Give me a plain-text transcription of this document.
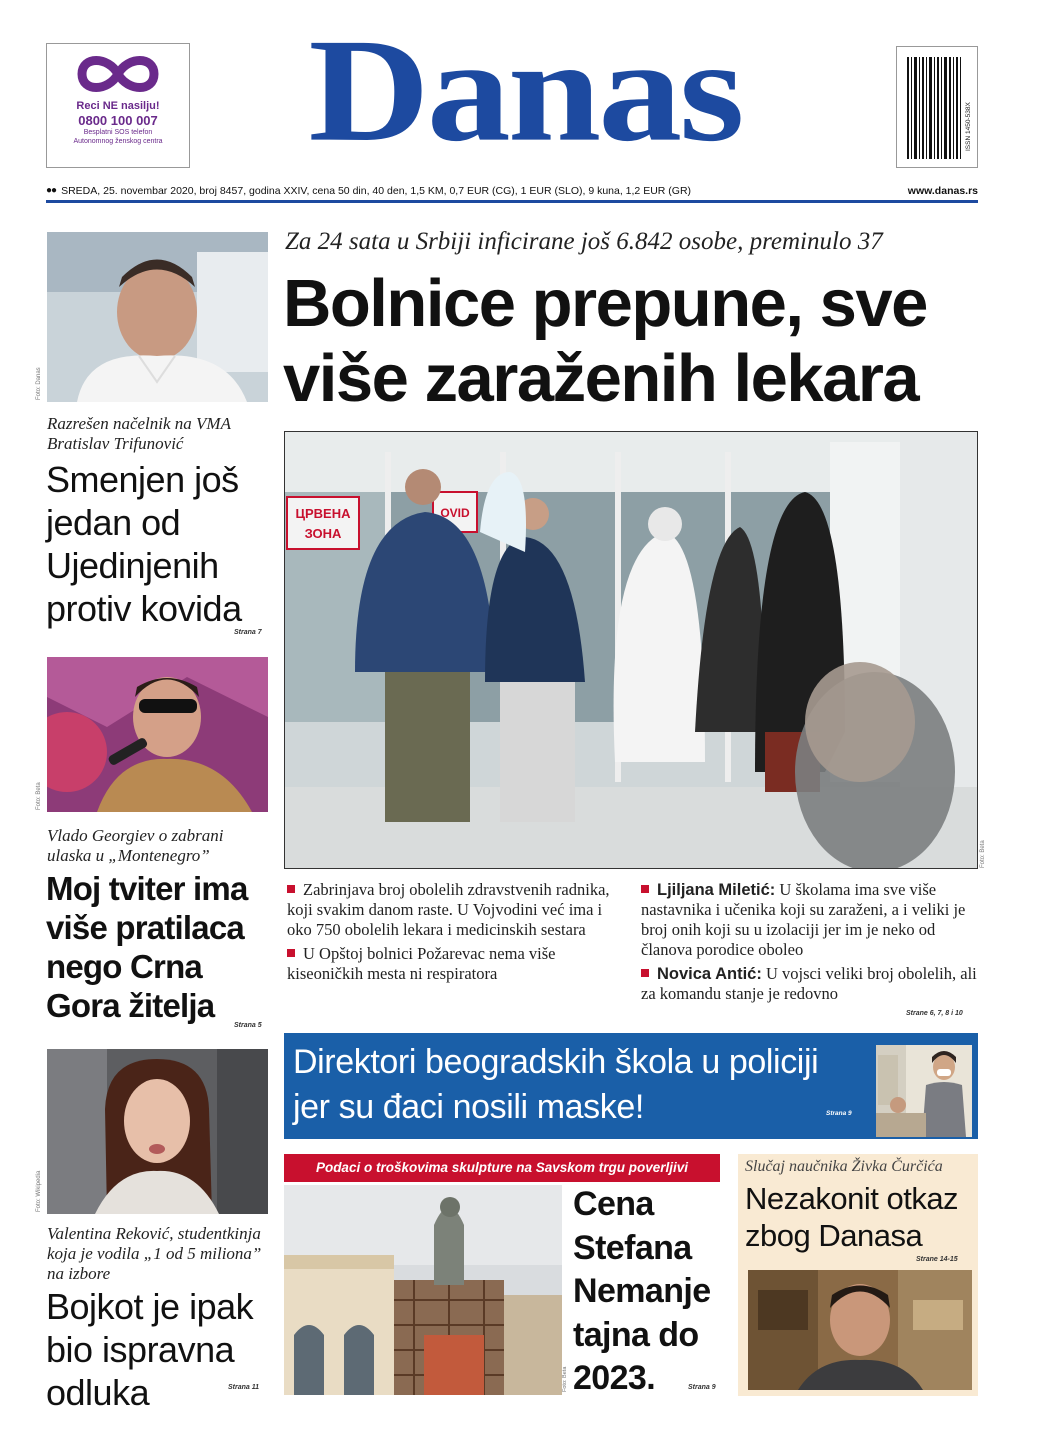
Reci NE nasilju!
0800 100 007
Besplatni SOS telefon
Autonomnog ženskog centra Danas	ISSN 1450-538X
●● SREDA, 25. novembar 2020, broj 8457, godina XXIV, cena 50 din, 40 den, 1,5 KM, 0,7 EUR (CG), 1 EUR (SLO), 9 kuna, 1,2 EUR (GR)	www.danas.rs
Foto: Danas
Razrešen načelnik na VMA Bratislav Trifunović
Smenjen još jedan od Ujedinjenih protiv kovida
Strana 7
Foto: Beta
Vlado Georgiev o zabrani ulaska u „Montenegro”
Moj tviter ima više pratilaca nego Crna Gora žitelja
Strana 5
Foto: Wikipedia
Valentina Reković, studentkinja koja je vodila „1 od 5 miliona” na izbore
Bojkot je ipak bio ispravna odluka	Strana 11
Za 24 sata u Srbiji inficirane još 6.842 osobe, preminulo 37
Bolnice prepune, sve više zaraženih lekara
ЦРВЕНА
ЗОНА
OVID
Foto: Beta
Zabrinjava broj obolelih zdravstvenih radnika, koji svakim danom raste. U Vojvodini već ima i oko 750 obolelih lekara i medicinskih sestara
U Opštoj bolnici Požarevac nema više kiseoničkih mesta ni respiratora
Ljiljana Miletić: U školama ima sve više nastavnika i učenika koji su zaraženi, a i veliki je broj onih koji su u izolaciji jer im je neko od članova porodice oboleo
Novica Antić: U vojsci veliki broj obolelih, ali za komandu stanje je redovno
Strane 6, 7, 8 i 10
Direktori beogradskih škola u policiji jer su đaci nosili maske!	Strana 9
Podaci o troškovima skulpture na Savskom trgu poverljivi
Foto: Beta
Cena Stefana Nemanje tajna do 2023.	Strana 9
Slučaj naučnika Živka Čurčića
Nezakonit otkaz zbog Danasa
Strane 14-15
